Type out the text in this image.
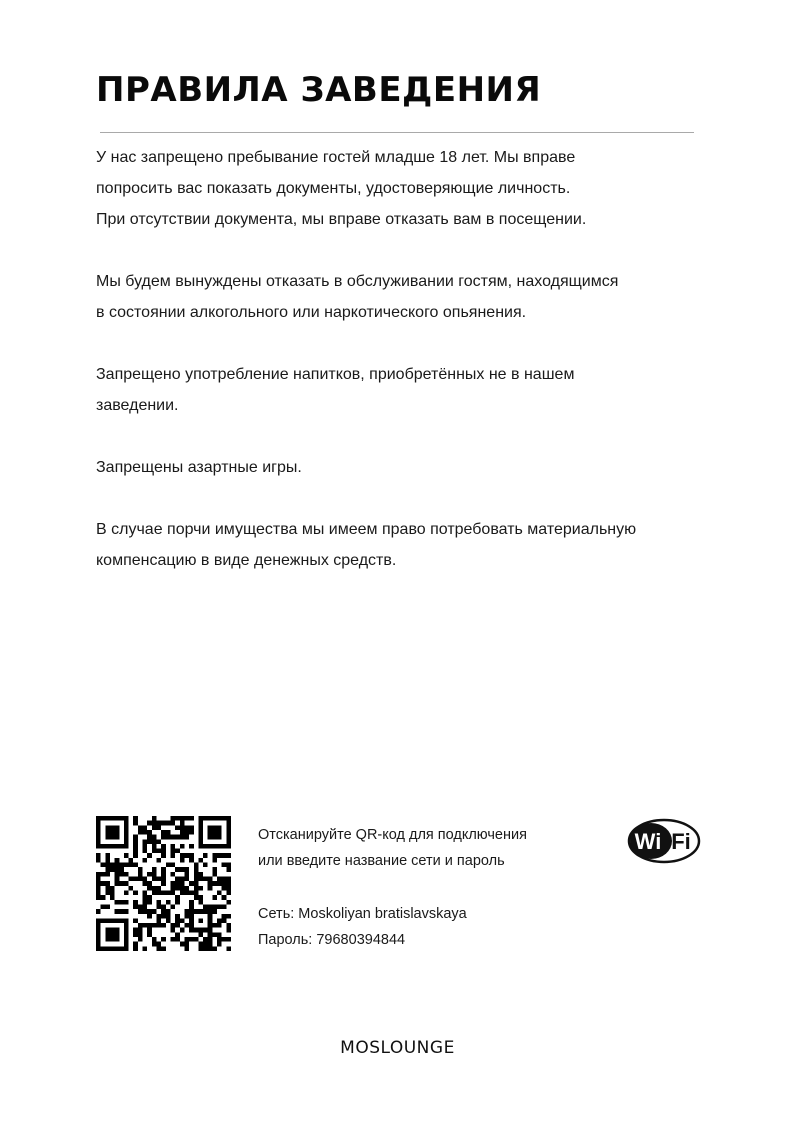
ПРАВИЛА ЗАВЕДЕНИЯ

У нас запрещено пребывание гостей младше 18 лет. Мы вправе
попросить вас показать документы, удостоверяющие личность.
При отсутствии документа, мы вправе отказать вам в посещении.

Мы будем вынуждены отказать в обслуживании гостям, находящимся
в состоянии алкогольного или наркотического опьянения.

Запрещено употребление напитков, приобретённых не в нашем
заведении.

Запрещены азартные игры.

В случае порчи имущества мы имеем право потребовать материальную
компенсацию в виде денежных средств.

Отсканируйте QR-код для подключения
или введите название сети и пароль
Сеть: Moskoliyan bratislavskaya
Пароль: 79680394844
Wi Fi
MOSLOUNGE
